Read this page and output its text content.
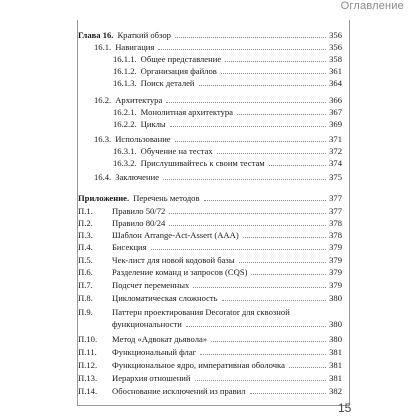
Оглавление
Глава 16. Краткий обзор	356
16.1. Навигация	356
16.1.1. Общее представление	358
16.1.2. Организация файлов	361
16.1.3. Поиск деталей	364
16.2. Архитектура	366
16.2.1. Монолитная архитектура	367
16.2.2. Циклы	369
16.3. Использование	371
16.3.1. Обучение на тестах	372
16.3.2. Прислушивайтесь к своим тестам	374
16.4. Заключение	375
Приложение. Перечень методов	377
П.1.	Правило 50/72	377
П.2.	Правило 80/24	378
П.3.	Шаблон Arrange-Act-Assert (AAA)	378
П.4.	Бисекция	379
П.5.	Чек-лист для новой кодовой базы	379
П.6.	Разделение команд и запросов (CQS)	379
П.7.	Подсчет переменных	379
П.8.	Цикломатическая сложность	380
П.9. Паттерн проектирования Decorator для сквозной
функциональности	380
П.10.	Метод «Адвокат дьявола»	380
П.11.	Функциональный флаг	381
П.12.	Функциональное ядро, императивная оболочка	381
П.13.	Иерархия отношений	381
П.14.	Обоснование исключений из правил	382
15
